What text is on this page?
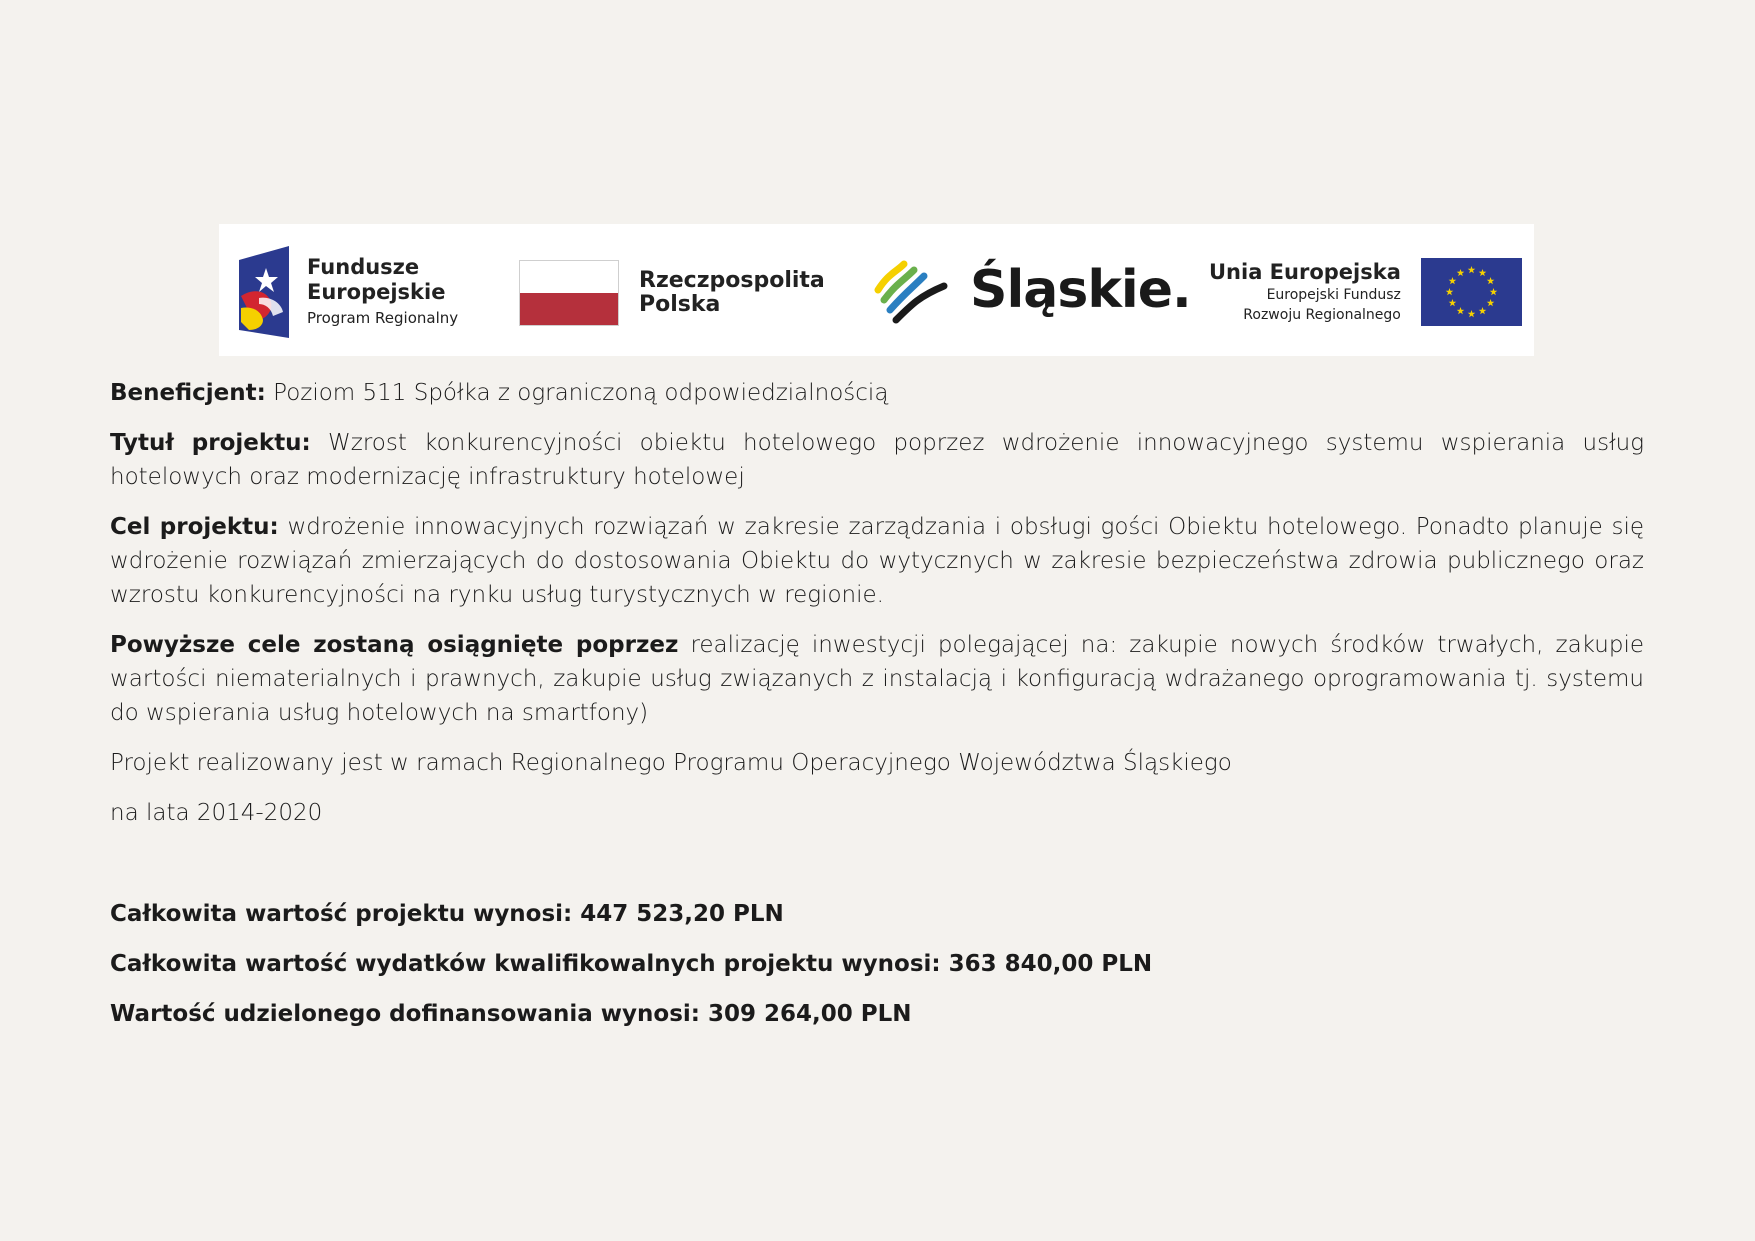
Fundusze
Europejskie
Program Regionalny
Rzeczpospolita
Polska	Śląskie. Unia Europejska
Europejski Fundusz
Rozwoju Regionalnego

Beneficjent: Poziom 511 Spółka z ograniczoną odpowiedzialnością

Tytuł projektu: Wzrost konkurencyjności obiektu hotelowego poprzez wdrożenie innowacyjnego systemu wspierania usług hotelowych oraz modernizację infrastruktury hotelowej

Cel projektu: wdrożenie innowacyjnych rozwiązań w zakresie zarządzania i obsługi gości Obiektu hotelowego. Ponadto planuje się wdrożenie rozwiązań zmierzających do dostosowania Obiektu do wytycznych w zakresie bezpieczeństwa zdrowia publicznego oraz wzrostu konkurencyjności na rynku usług turystycznych w regionie.

Powyższe cele zostaną osiągnięte poprzez realizację inwestycji polegającej na: zakupie nowych środków trwałych, zakupie wartości niematerialnych i prawnych, zakupie usług związanych z instalacją i konfiguracją wdrażanego oprogramowania tj. systemu do wspierania usług hotelowych na smartfony)

Projekt realizowany jest w ramach Regionalnego Programu Operacyjnego Województwa Śląskiego

na lata 2014-2020

Całkowita wartość projektu wynosi: 447 523,20 PLN

Całkowita wartość wydatków kwalifikowalnych projektu wynosi: 363 840,00 PLN

Wartość udzielonego dofinansowania wynosi: 309 264,00 PLN
